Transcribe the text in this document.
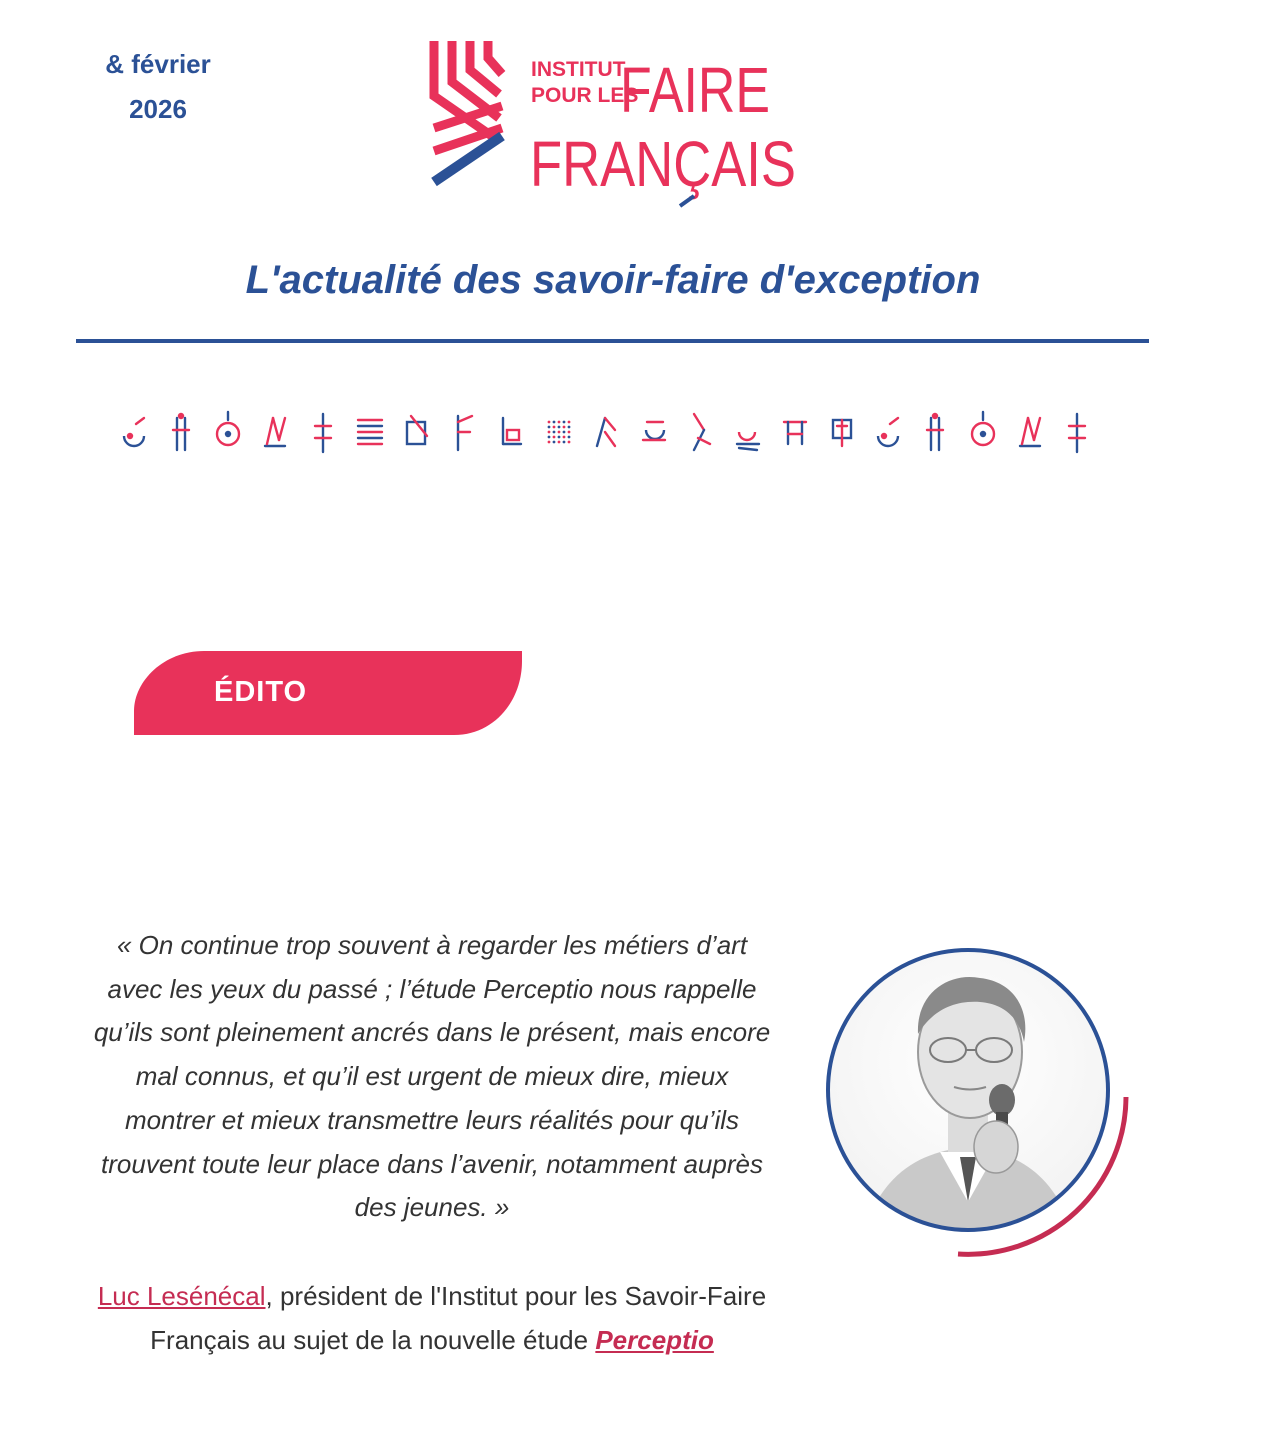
& février
2026
INSTITUT
POUR LES
FAIRE
FRANÇAIS
L'actualité des savoir-faire d'exception
ÉDITO

« On continue trop souvent à regarder les métiers d’art avec les yeux du passé ; l’étude Perceptio nous rappelle qu’ils sont pleinement ancrés dans le présent, mais encore mal connus, et qu’il est urgent de mieux dire, mieux montrer et mieux transmettre leurs réalités pour qu’ils trouvent toute leur place dans l’avenir, notamment auprès des jeunes. »

Luc Lesénécal, président de l'Institut pour les Savoir-Faire Français au sujet de la nouvelle étude Perceptio
